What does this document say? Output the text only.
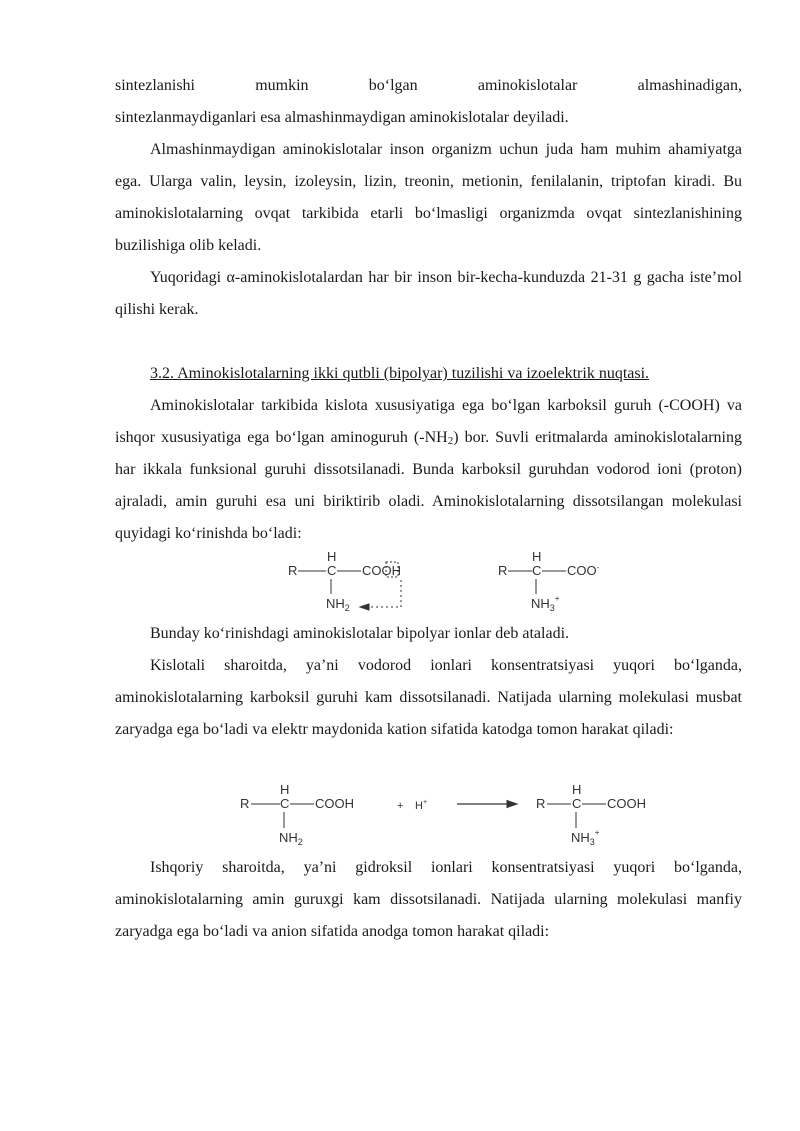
sintezlanishi mumkin boʻlgan aminokislotalar almashinadigan,

sintezlanmaydiganlari esa almashinmaydigan aminokislotalar deyiladi.

Almashinmaydigan aminokislotalar inson organizm uchun juda ham muhim ahamiyatga ega. Ularga valin, leysin, izoleysin, lizin, treonin, metionin, fenilalanin, triptofan kiradi. Bu aminokislotalarning ovqat tarkibida etarli boʻlmasligi organizmda ovqat sintezlanishining buzilishiga olib keladi.

Yuqoridagi α-aminokislotalardan har bir inson bir-kecha-kunduzda 21-31 g gacha isteʼmol qilishi kerak.

3.2. Aminokislotalarning ikki qutbli (bipolyar) tuzilishi va izoelektrik nuqtasi.

Aminokislotalar tarkibida kislota xususiyatiga ega boʻlgan karboksil guruh (-COOH) va ishqor xususiyatiga ega boʻlgan aminoguruh (-NH2) bor. Suvli eritmalarda aminokislotalarning har ikkala funksional guruhi dissotsilanadi. Bunda karboksil guruhdan vodorod ioni (proton) ajraladi, amin guruhi esa uni biriktirib oladi. Aminokislotalarning dissotsilangan molekulasi quyidagi koʻrinishda boʻladi:

R
H
C COOH
$NH_2$
R
H
C COO-
$NH_3^+$

Bunday koʻrinishdagi aminokislotalar bipolyar ionlar deb ataladi.

Kislotali sharoitda, yaʼni vodorod ionlari konsentratsiyasi yuqori boʻlganda, aminokislotalarning karboksil guruhi kam dissotsilanadi. Natijada ularning molekulasi musbat zaryadga ega boʻladi va elektr maydonida kation sifatida katodga tomon harakat qiladi:

R
H
C COOH
$NH_2$
+ H+	R
H
C COOH
$NH_3^+$

Ishqoriy sharoitda, yaʼni gidroksil ionlari konsentratsiyasi yuqori boʻlganda, aminokislotalarning amin guruxgi kam dissotsilanadi. Natijada ularning molekulasi manfiy zaryadga ega boʻladi va anion sifatida anodga tomon harakat qiladi:
